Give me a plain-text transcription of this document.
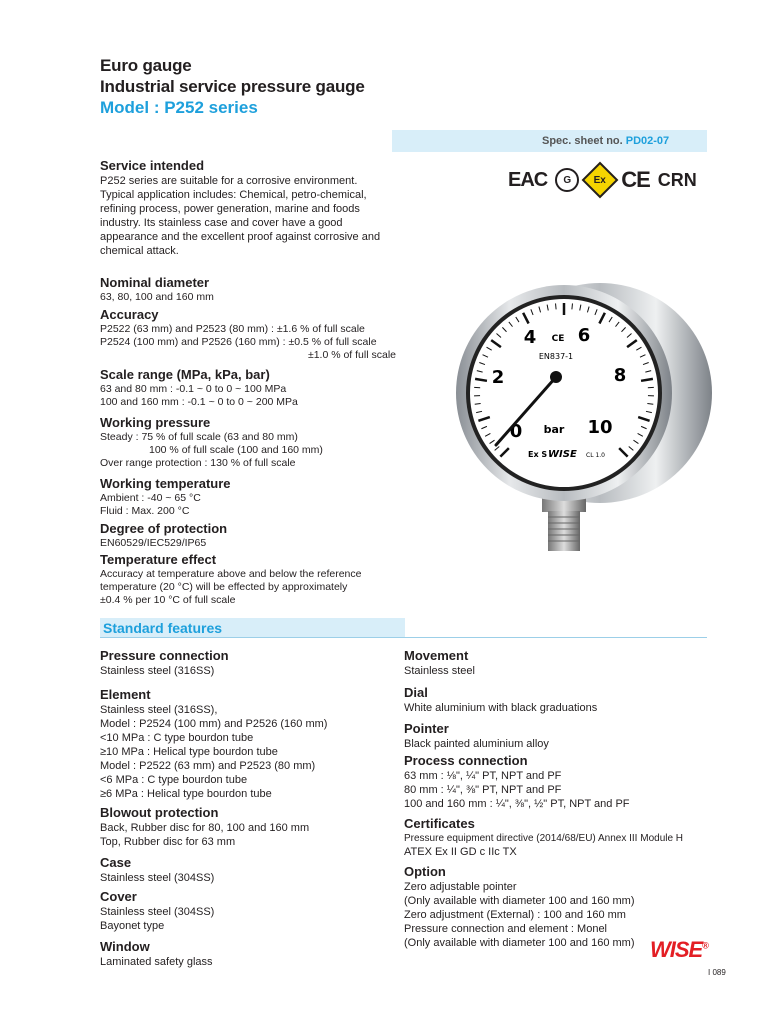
Euro gauge
Industrial service pressure gauge
Model : P252 series
Spec. sheet no. PD02-07
EAC G Ex CE CRN
Service intended
P252 series are suitable for a corrosive environment.
Typical application includes: Chemical, petro-chemical,
refining process, power generation, marine and foods
industry. Its stainless case and cover have a good
appearance and the excellent proof against corrosive and
chemical attack.
Nominal diameter
63, 80, 100 and 160 mm
Accuracy
P2522 (63 mm) and P2523 (80 mm) : ±1.6 % of full scale
P2524 (100 mm) and P2526 (160 mm) : ±0.5 % of full scale
±1.0 % of full scale
Scale range (MPa, kPa, bar)
63 and 80 mm : -0.1 ~ 0 to 0 ~ 100 MPa
100 and 160 mm : -0.1 ~ 0 to 0 ~ 200 MPa
Working pressure
Steady : 75 % of full scale (63 and 80 mm)
100 % of full scale (100 and 160 mm)
Over range protection : 130 % of full scale
Working temperature
Ambient : -40 ~ 65 °C
Fluid : Max. 200 °C
Degree of protection
EN60529/IEC529/IP65
Temperature effect
Accuracy at temperature above and below the reference
temperature (20 °C) will be effected by approximately
±0.4 % per 10 °C of full scale
0
2
4 6
8
10
CE
EN837-1
bar
Ex S WISE CL 1.0
Standard features
Pressure connection
Stainless steel (316SS)
Element
Stainless steel (316SS),
Model : P2524 (100 mm) and P2526 (160 mm)
<10 MPa : C type bourdon tube
≥10 MPa : Helical type bourdon tube
Model : P2522 (63 mm) and P2523 (80 mm)
<6 MPa : C type bourdon tube
≥6 MPa : Helical type bourdon tube
Blowout protection
Back, Rubber disc for 80, 100 and 160 mm
Top, Rubber disc for 63 mm
Case
Stainless steel (304SS)
Cover
Stainless steel (304SS)
Bayonet type
Window
Laminated safety glass
Movement
Stainless steel
Dial
White aluminium with black graduations
Pointer
Black painted aluminium alloy
Process connection
63 mm : ⅛", ¼" PT, NPT and PF
80 mm : ¼", ⅜" PT, NPT and PF
100 and 160 mm : ¼", ⅜", ½" PT, NPT and PF
Certificates
Pressure equipment directive (2014/68/EU) Annex III Module H
ATEX Ex II GD c IIc TX
Option
Zero adjustable pointer
(Only available with diameter 100 and 160 mm)
Zero adjustment (External) : 100 and 160 mm
Pressure connection and element : Monel
(Only available with diameter 100 and 160 mm) WISE®
I 089
